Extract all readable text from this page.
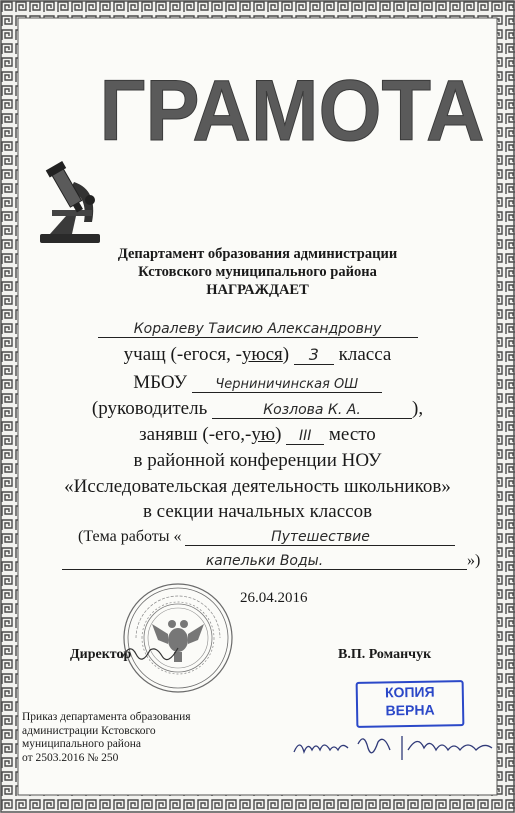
ГРАМОТА
Департамент образования администрации
Кстовского муниципального района
НАГРАЖДАЕТ
Коралеву Таисию Александровну
учащ (-егося, -уюся) 3 класса
МБОУ Черниничинская ОШ
(руководитель	Козлова К. А.	),
занявш (-его,-ую) III место
в районной конференции НОУ
«Исследовательская деятельность школьников»
в секции начальных классов
(Тема работы «	Путешествие
капельки Воды.	»)
26.04.2016
Директор	В.П. Романчук
КОПИЯ
ВЕРНА
Приказ департамента образования
администрации Кстовского
муниципального района
от 2503.2016 № 250
